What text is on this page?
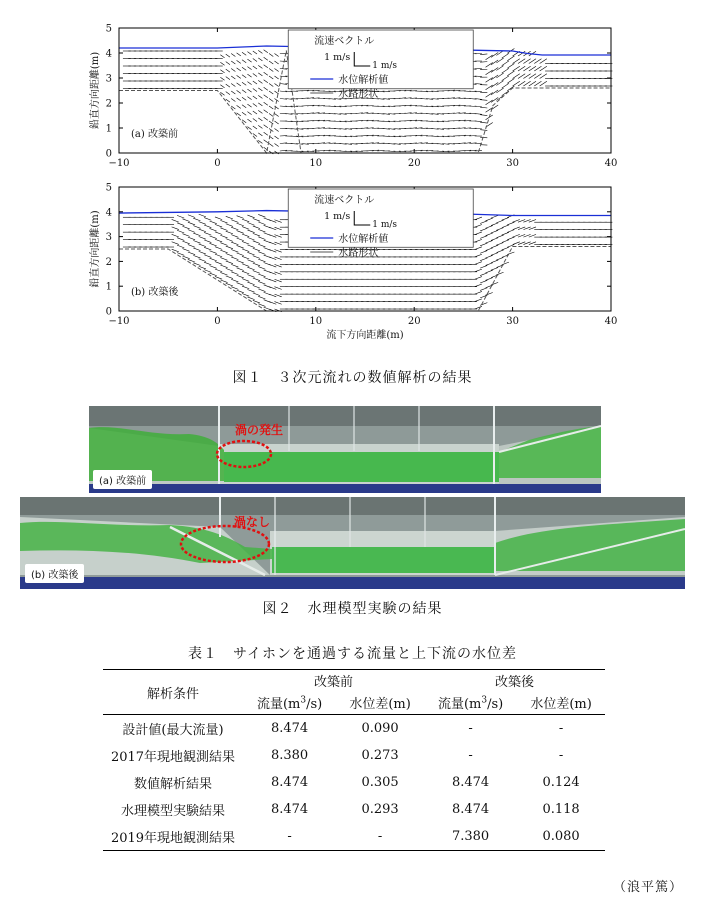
−10	0	10	20	30	40
0
1
2
3
4
5
鉛直方向距離(m)
(a) 改築前
流速ベクトル
1 m/s
1 m/s
水位解析値
水路形状
−10	0	10	20	30	40
0
1
2
3
4
5
鉛直方向距離(m)
(b) 改築後
流速ベクトル
1 m/s
1 m/s
水位解析値
水路形状
流下方向距離(m)
図１　３次元流れの数値解析の結果
渦の発生
(a) 改築前
渦なし
(b) 改築後
図２　水理模型実験の結果
表１　サイホンを通過する流量と上下流の水位差
解析条件	改築前		改築後	
	流量$(m^3/s)$	水位差(m)	流量$(m^3/s)$	水位差(m)
設計値(最大流量)	8.474	0.090	-	-
2017年現地観測結果	8.380	0.273	-	-
数値解析結果	8.474	0.305	8.474	0.124
水理模型実験結果	8.474	0.293	8.474	0.118
2019年現地観測結果	-	-	7.380	0.080
（浪平篤）
